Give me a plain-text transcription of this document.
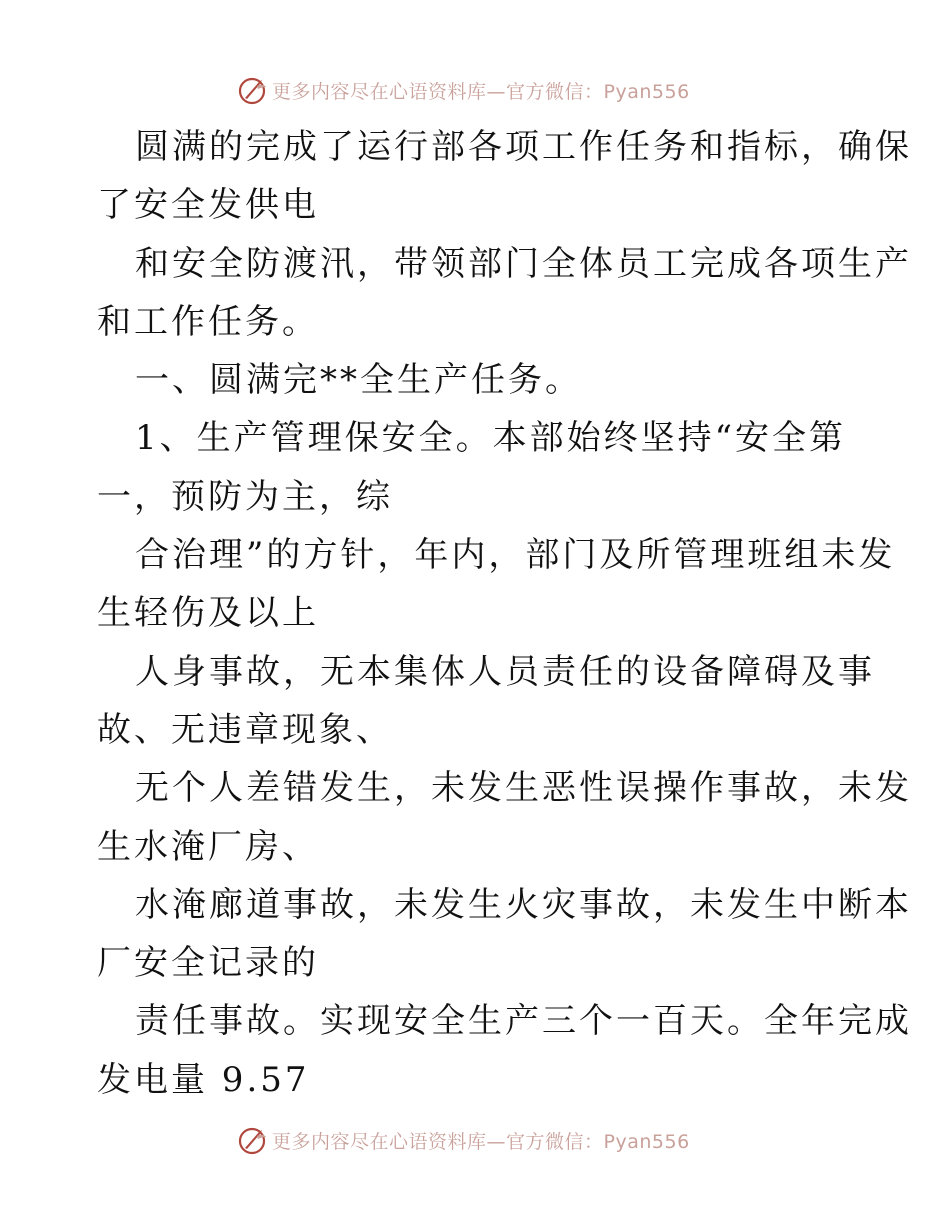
更多内容尽在心语资料库—官方微信：Pyan556
圆满的完成了运行部各项工作任务和指标，确保
了安全发供电
和安全防渡汛，带领部门全体员工完成各项生产
和工作任务。
一、圆满完**全生产任务。
1、生产管理保安全。本部始终坚持“安全第
一，预防为主，综
合治理”的方针，年内，部门及所管理班组未发
生轻伤及以上
人身事故，无本集体人员责任的设备障碍及事
故、无违章现象、
无个人差错发生，未发生恶性误操作事故，未发
生水淹厂房、
水淹廊道事故，未发生火灾事故，未发生中断本
厂安全记录的
责任事故。实现安全生产三个一百天。全年完成
发电量 9.57
更多内容尽在心语资料库—官方微信：Pyan556
